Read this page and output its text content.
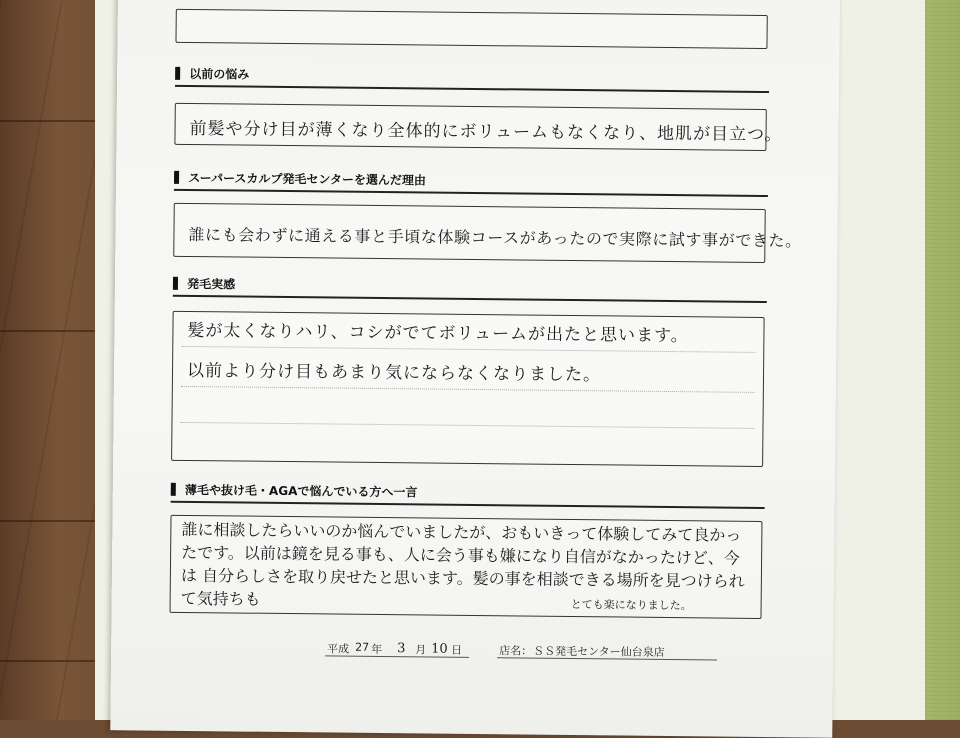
以前の悩み
前髪や分け目が薄くなり全体的にボリュームもなくなり、地肌が目立つ。
スーパースカルプ発毛センターを選んだ理由
誰にも会わずに通える事と手頃な体験コースがあったので実際に試す事ができた。
発毛実感
髪が太くなりハリ、コシがでてボリュームが出たと思います。
以前より分け目もあまり気にならなくなりました。
薄毛や抜け毛・AGAで悩んでいる方へ一言
誰に相談したらいいのか悩んでいましたが、おもいきって体験してみて良かったです。以前は鏡を見る事も、人に会う事も嫌になり自信がなかったけど、今は 自分らしさを取り戻せたと思います。髪の事を相談できる場所を見つけられて気持ちも	とても楽になりました。
平成 27 年 3 月 10 日	店名： ＳＳ発毛センター仙台泉店
